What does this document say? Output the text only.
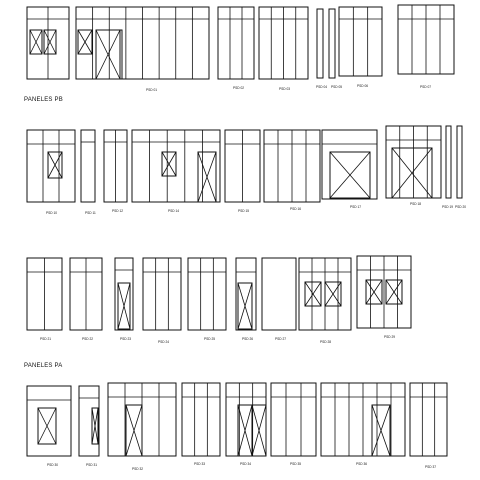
PSD 01	PSD 02	PSD 03	PSD 04 PSD 05	PSD 06	PSD 07
PSD 10	PSD 11	PSD 12	PSD 14	PSD 15	PSD 16	PSD 17
PSD 18
PSD 19 PSD 20
PSD 21	PSD 22	PSD 23
PSD 24
PSD 25	PSD 26	PSD 27
PSD 28
PSD 29
PSD 30	PSD 31
PSD 32
PSD 33	PSD 34	PSD 35	PSD 36
PSD 37
PANELES PB
PANELES PA
